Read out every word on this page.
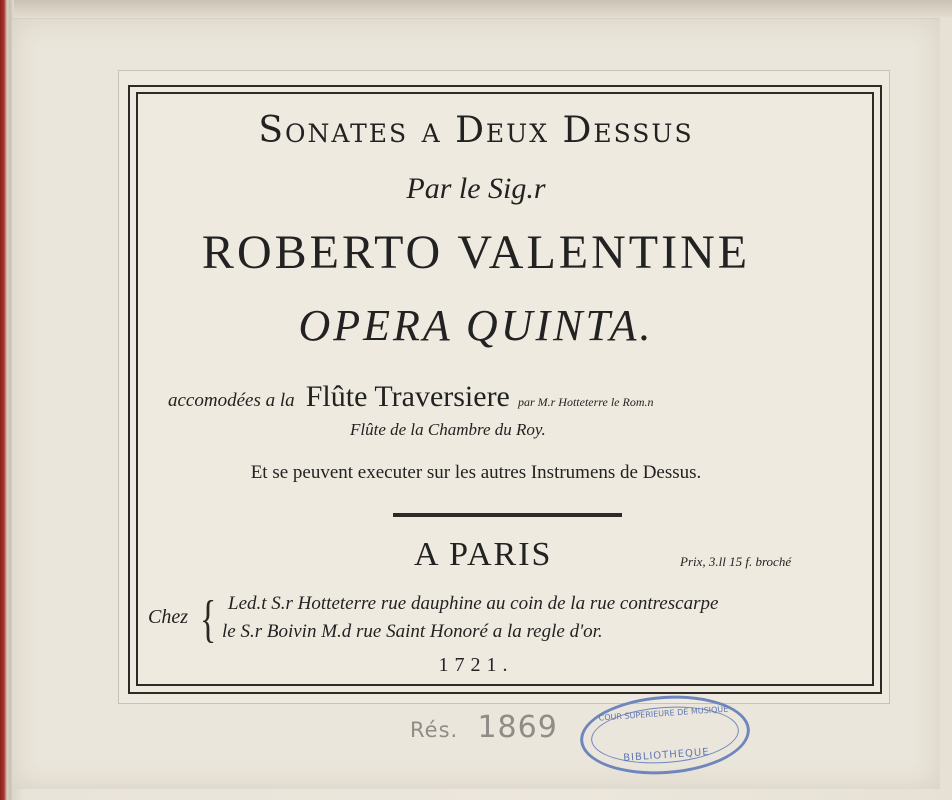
Sonates a Deux Dessus
Par le Sig.r
ROBERTO VALENTINE
OPERA QUINTA.
accomodées a la Flûte Traversiere par M.r Hotteterre le Rom.n
Flûte de la Chambre du Roy.
Et se peuvent executer sur les autres Instrumens de Dessus.
A PARIS	Prix, 3.ll 15 f. broché
Chez { Led.t S.r Hotteterre rue dauphine au coin de la rue contrescarpe
le S.r Boivin M.d rue Saint Honoré a la regle d'or.
1721.
Rés. 1869	COUR SUPERIEURE DE MUSIQUE
BIBLIOTHEQUE
